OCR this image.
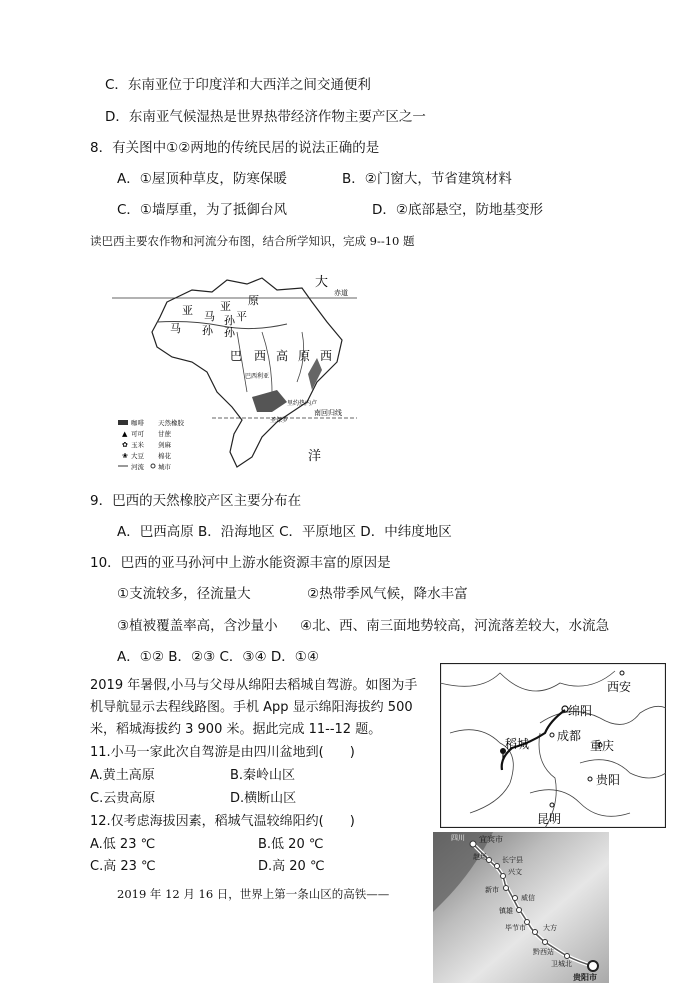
C．东南亚位于印度洋和大西洋之间交通便利
D．东南亚气候湿热是世界热带经济作物主要产区之一
8．有关图中①②两地的传统民居的说法正确的是
A．①屋顶种草皮，防寒保暖	B．②门窗大，节省建筑材料
C．①墙厚重，为了抵御台风	D．②底部悬空，防地基变形
读巴西主要农作物和河流分布图，结合所学知识，完成 9--10 题
大
赤道
洋
南回归线
亚 马 孙
亚 原
平
马 孙 孙
巴 西 高 原 西
巴西利亚
里约热内卢
圣保罗
咖啡 天然橡胶
▲ 可可 甘蔗
✿ 玉米 剑麻
❀ 大豆 棉花
河流 城市
9．巴西的天然橡胶产区主要分布在
A．巴西高原 B．沿海地区 C．平原地区 D．中纬度地区
10．巴西的亚马孙河中上游水能资源丰富的原因是
①支流较多，径流量大	②热带季风气候，降水丰富
③植被覆盖率高，含沙量小 ④北、西、南三面地势较高，河流落差较大，水流急
A．①② B．②③ C．③④ D．①④
2019 年暑假,小马与父母从绵阳去稻城自驾游。如图为手
机导航显示去程线路图。手机 App 显示绵阳海拔约 500
米，稻城海拔约 3 900 米。据此完成 11--12 题。
11.小马一家此次自驾游是由四川盆地到(　　)
A.黄土高原	B.秦岭山区
C.云贵高原	D.横断山区
12.仅考虑海拔因素，稻城气温较绵阳约(　　)
A.低 23 ℃	B.低 20 ℃
C.高 23 ℃	D.高 20 ℃
2019 年 12 月 16 日，世界上第一条山区的高铁——
西安
绵阳
成都
稻城	重庆
贵阳
昆明
四川 宜宾市
赵场 长宁县
兴文
新市
威信
镇雄
毕节市 大方
黔西站
卫城北
贵阳市
